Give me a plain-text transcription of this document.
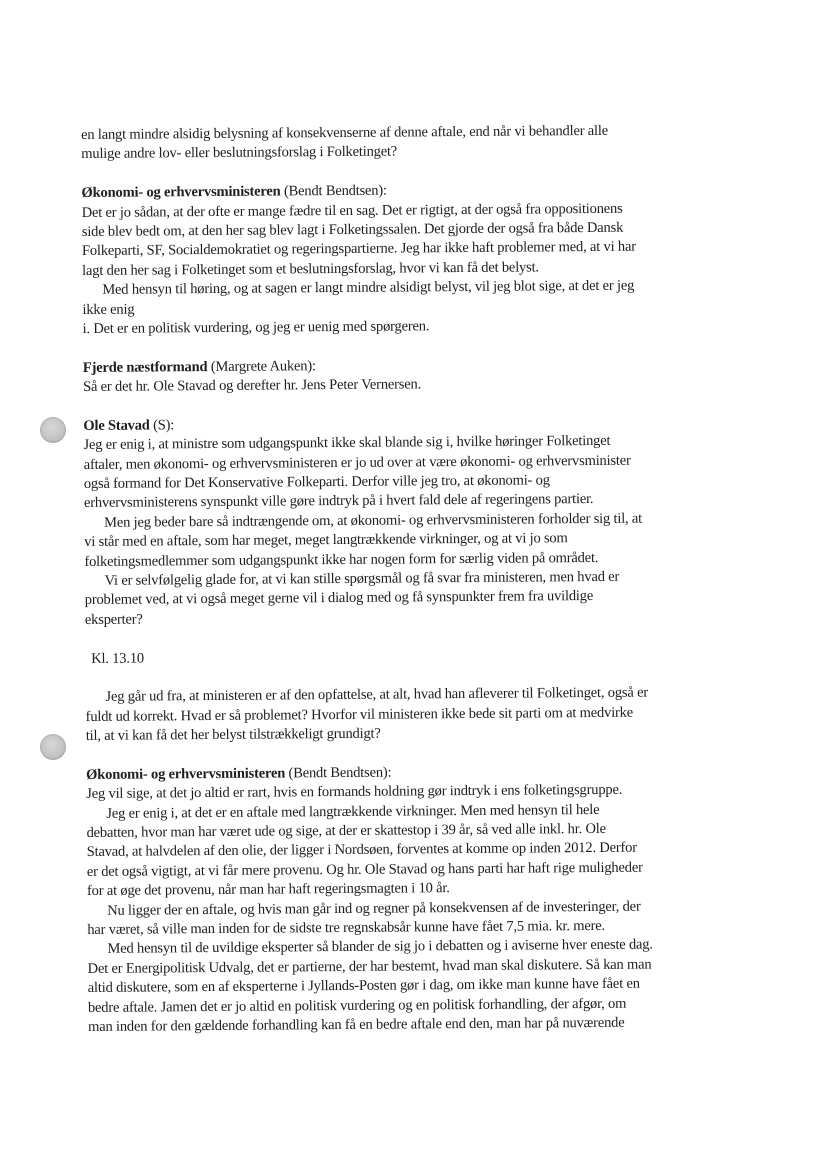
en langt mindre alsidig belysning af konsekvenserne af denne aftale, end når vi behandler alle
mulige andre lov- eller beslutningsforslag i Folketinget?
Økonomi- og erhvervsministeren (Bendt Bendtsen):
Det er jo sådan, at der ofte er mange fædre til en sag. Det er rigtigt, at der også fra oppositionens
side blev bedt om, at den her sag blev lagt i Folketingssalen. Det gjorde der også fra både Dansk
Folkeparti, SF, Socialdemokratiet og regeringspartierne. Jeg har ikke haft problemer med, at vi har
lagt den her sag i Folketinget som et beslutningsforslag, hvor vi kan få det belyst.
Med hensyn til høring, og at sagen er langt mindre alsidigt belyst, vil jeg blot sige, at det er jeg
ikke enig
i. Det er en politisk vurdering, og jeg er uenig med spørgeren.
Fjerde næstformand (Margrete Auken):
Så er det hr. Ole Stavad og derefter hr. Jens Peter Vernersen.
Ole Stavad (S):
Jeg er enig i, at ministre som udgangspunkt ikke skal blande sig i, hvilke høringer Folketinget
aftaler, men økonomi- og erhvervsministeren er jo ud over at være økonomi- og erhvervsminister
også formand for Det Konservative Folkeparti. Derfor ville jeg tro, at økonomi- og
erhvervsministerens synspunkt ville gøre indtryk på i hvert fald dele af regeringens partier.
Men jeg beder bare så indtrængende om, at økonomi- og erhvervsministeren forholder sig til, at
vi står med en aftale, som har meget, meget langtrækkende virkninger, og at vi jo som
folketingsmedlemmer som udgangspunkt ikke har nogen form for særlig viden på området.
Vi er selvfølgelig glade for, at vi kan stille spørgsmål og få svar fra ministeren, men hvad er
problemet ved, at vi også meget gerne vil i dialog med og få synspunkter frem fra uvildige
eksperter?
Kl. 13.10
Jeg går ud fra, at ministeren er af den opfattelse, at alt, hvad han afleverer til Folketinget, også er
fuldt ud korrekt. Hvad er så problemet? Hvorfor vil ministeren ikke bede sit parti om at medvirke
til, at vi kan få det her belyst tilstrækkeligt grundigt?
Økonomi- og erhvervsministeren (Bendt Bendtsen):
Jeg vil sige, at det jo altid er rart, hvis en formands holdning gør indtryk i ens folketingsgruppe.
Jeg er enig i, at det er en aftale med langtrækkende virkninger. Men med hensyn til hele
debatten, hvor man har været ude og sige, at der er skattestop i 39 år, så ved alle inkl. hr. Ole
Stavad, at halvdelen af den olie, der ligger i Nordsøen, forventes at komme op inden 2012. Derfor
er det også vigtigt, at vi får mere provenu. Og hr. Ole Stavad og hans parti har haft rige muligheder
for at øge det provenu, når man har haft regeringsmagten i 10 år.
Nu ligger der en aftale, og hvis man går ind og regner på konsekvensen af de investeringer, der
har været, så ville man inden for de sidste tre regnskabsår kunne have fået 7,5 mia. kr. mere.
Med hensyn til de uvildige eksperter så blander de sig jo i debatten og i aviserne hver eneste dag.
Det er Energipolitisk Udvalg, det er partierne, der har bestemt, hvad man skal diskutere. Så kan man
altid diskutere, som en af eksperterne i Jyllands-Posten gør i dag, om ikke man kunne have fået en
bedre aftale. Jamen det er jo altid en politisk vurdering og en politisk forhandling, der afgør, om
man inden for den gældende forhandling kan få en bedre aftale end den, man har på nuværende
